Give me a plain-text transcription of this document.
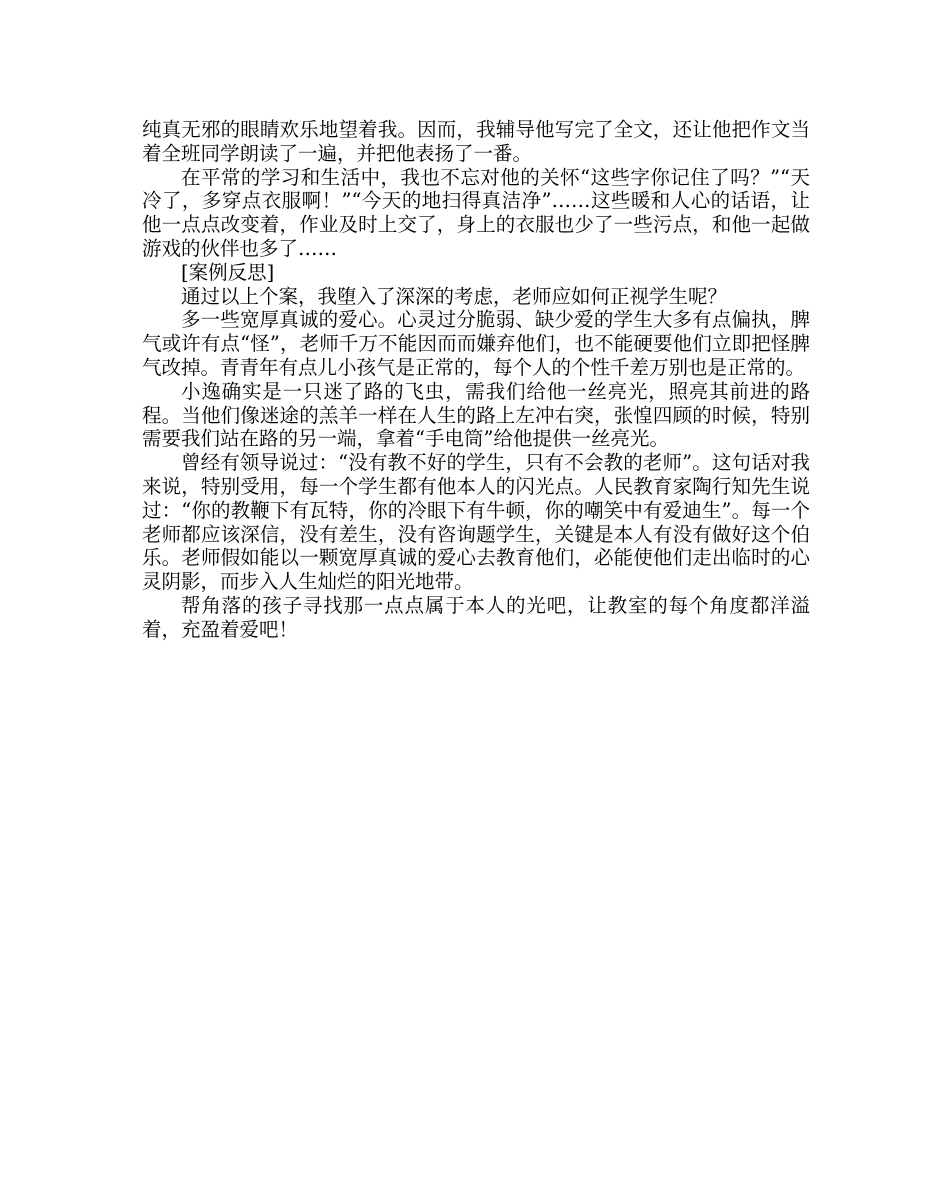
纯真无邪的眼睛欢乐地望着我。因而，我辅导他写完了全文，还让他把作文当着全班同学朗读了一遍，并把他表扬了一番。

在平常的学习和生活中，我也不忘对他的关怀“这些字你记住了吗？”“天冷了，多穿点衣服啊！”“今天的地扫得真洁净”……这些暖和人心的话语，让他一点点改变着，作业及时上交了，身上的衣服也少了一些污点，和他一起做游戏的伙伴也多了……

[案例反思]

通过以上个案，我堕入了深深的考虑，老师应如何正视学生呢？

多一些宽厚真诚的爱心。心灵过分脆弱、缺少爱的学生大多有点偏执，脾气或许有点“怪”，老师千万不能因而而嫌弃他们，也不能硬要他们立即把怪脾气改掉。青青年有点儿小孩气是正常的，每个人的个性千差万别也是正常的。

小逸确实是一只迷了路的飞虫，需我们给他一丝亮光，照亮其前进的路程。当他们像迷途的羔羊一样在人生的路上左冲右突，张惶四顾的时候，特别需要我们站在路的另一端，拿着“手电筒”给他提供一丝亮光。

曾经有领导说过：“没有教不好的学生，只有不会教的老师”。这句话对我来说，特别受用，每一个学生都有他本人的闪光点。人民教育家陶行知先生说过：“你的教鞭下有瓦特，你的冷眼下有牛顿，你的嘲笑中有爱迪生”。每一个老师都应该深信，没有差生，没有咨询题学生，关键是本人有没有做好这个伯乐。老师假如能以一颗宽厚真诚的爱心去教育他们，必能使他们走出临时的心灵阴影，而步入人生灿烂的阳光地带。

帮角落的孩子寻找那一点点属于本人的光吧，让教室的每个角度都洋溢着，充盈着爱吧！
